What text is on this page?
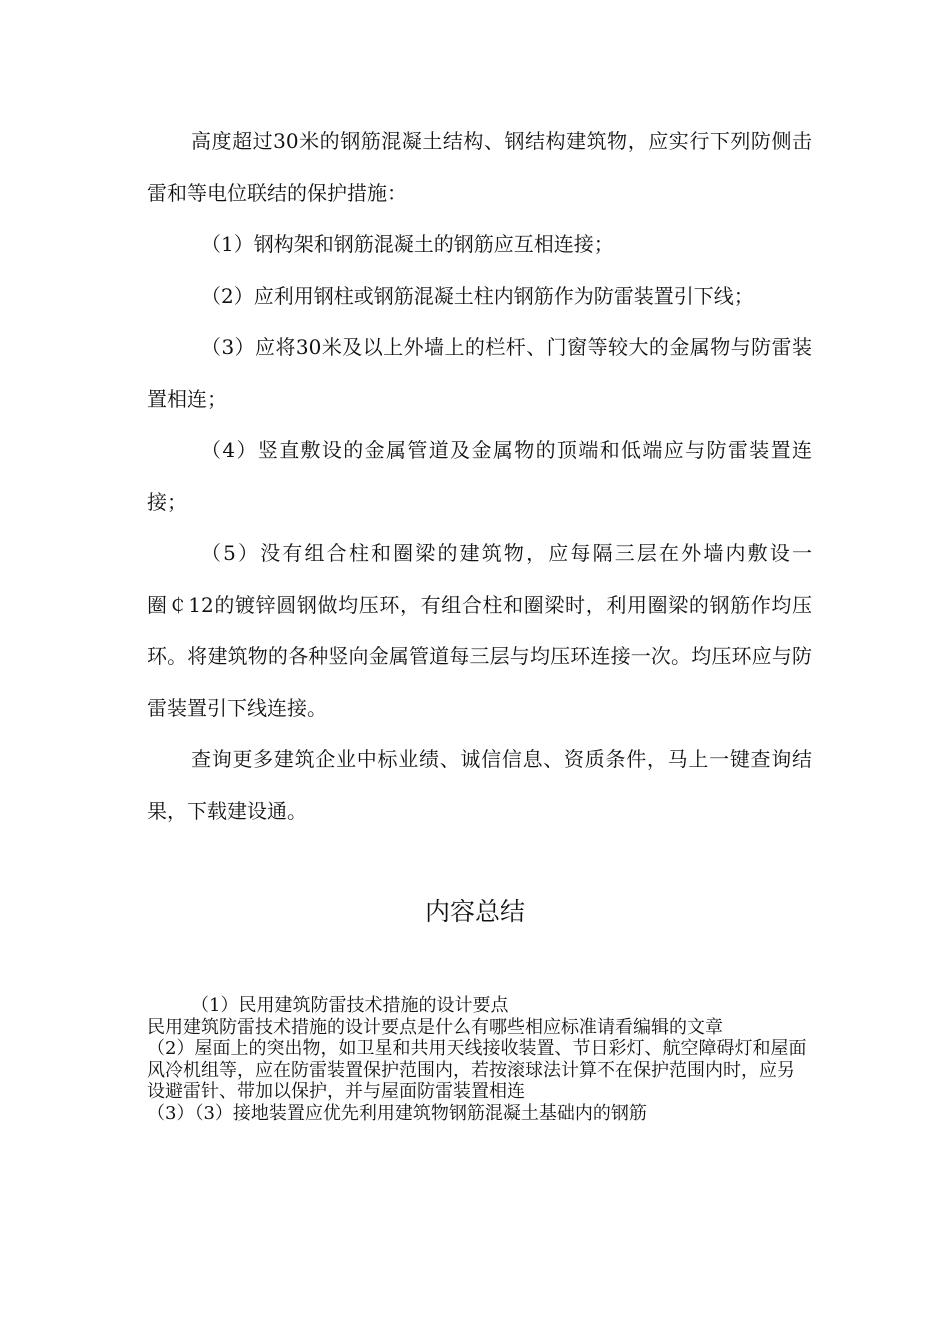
高度超过30米的钢筋混凝土结构、钢结构建筑物，应实行下列防侧击雷和等电位联结的保护措施：

（1）钢构架和钢筋混凝土的钢筋应互相连接；

（2）应利用钢柱或钢筋混凝土柱内钢筋作为防雷装置引下线；

（3）应将30米及以上外墙上的栏杆、门窗等较大的金属物与防雷装置相连；

（4）竖直敷设的金属管道及金属物的顶端和低端应与防雷装置连接；

（5）没有组合柱和圈梁的建筑物，应每隔三层在外墙内敷设一圈￠12的镀锌圆钢做均压环，有组合柱和圈梁时，利用圈梁的钢筋作均压环。将建筑物的各种竖向金属管道每三层与均压环连接一次。均压环应与防雷装置引下线连接。

查询更多建筑企业中标业绩、诚信信息、资质条件，马上一键查询结果，下载建设通。

内容总结

（1）民用建筑防雷技术措施的设计要点

民用建筑防雷技术措施的设计要点是什么有哪些相应标准请看编辑的文章

（2）屋面上的突出物，如卫星和共用天线接收装置、节日彩灯、航空障碍灯和屋面风冷机组等，应在防雷装置保护范围内，若按滚球法计算不在保护范围内时，应另设避雷针、带加以保护，并与屋面防雷装置相连

（3）（3）接地装置应优先利用建筑物钢筋混凝土基础内的钢筋
